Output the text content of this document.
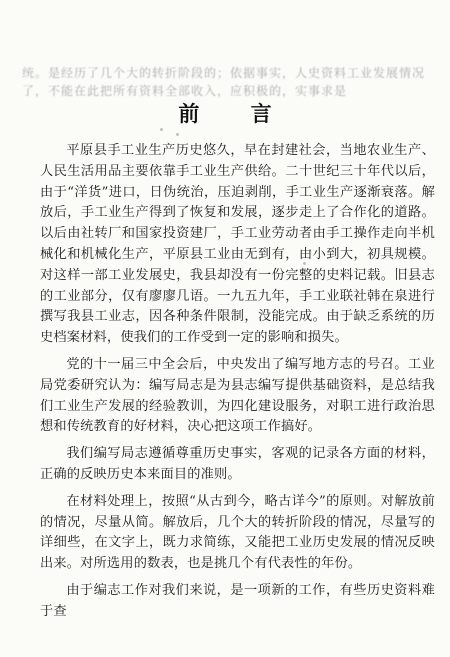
统。是经历了几个大的转折阶段的；依据事实，人史资料工业发展情况
了，不能在此把所有资料全部收入，应积极的，实事求是
前 言

平原县手工业生产历史悠久，早在封建社会，当地农业生产、人民生活用品主要依靠手工业生产供给。二十世纪三十年代以后，由于“洋货”进口，日伪统治，压迫剥削，手工业生产逐渐衰落。解放后，手工业生产得到了恢复和发展，逐步走上了合作化的道路。以后由社转厂和国家投资建厂，手工业劳动者由手工操作走向半机械化和机械化生产，平原县工业由无到有，由小到大，初具规模。对这样一部工业发展史，我县却没有一份完整的史料记载。旧县志的工业部分，仅有廖廖几语。一九五九年，手工业联社韩在泉进行撰写我县工业志，因各种条件限制，没能完成。由于缺乏系统的历史档案材料，使我们的工作受到一定的影响和损失。

党的十一届三中全会后，中央发出了编写地方志的号召。工业局党委研究认为：编写局志是为县志编写提供基础资料，是总结我们工业生产发展的经验教训，为四化建设服务，对职工进行政治思想和传统教育的好材料，决心把这项工作搞好。

我们编写局志遵循尊重历史事实，客观的记录各方面的材料，正确的反映历史本来面目的准则。

在材料处理上，按照“从古到今，略古详今”的原则。对解放前的情况，尽量从简。解放后，几个大的转折阶段的情况，尽量写的详细些，在文字上，既力求简练，又能把工业历史发展的情况反映出来。对所选用的数表，也是挑几个有代表性的年份。

由于编志工作对我们来说，是一项新的工作，有些历史资料难于查
